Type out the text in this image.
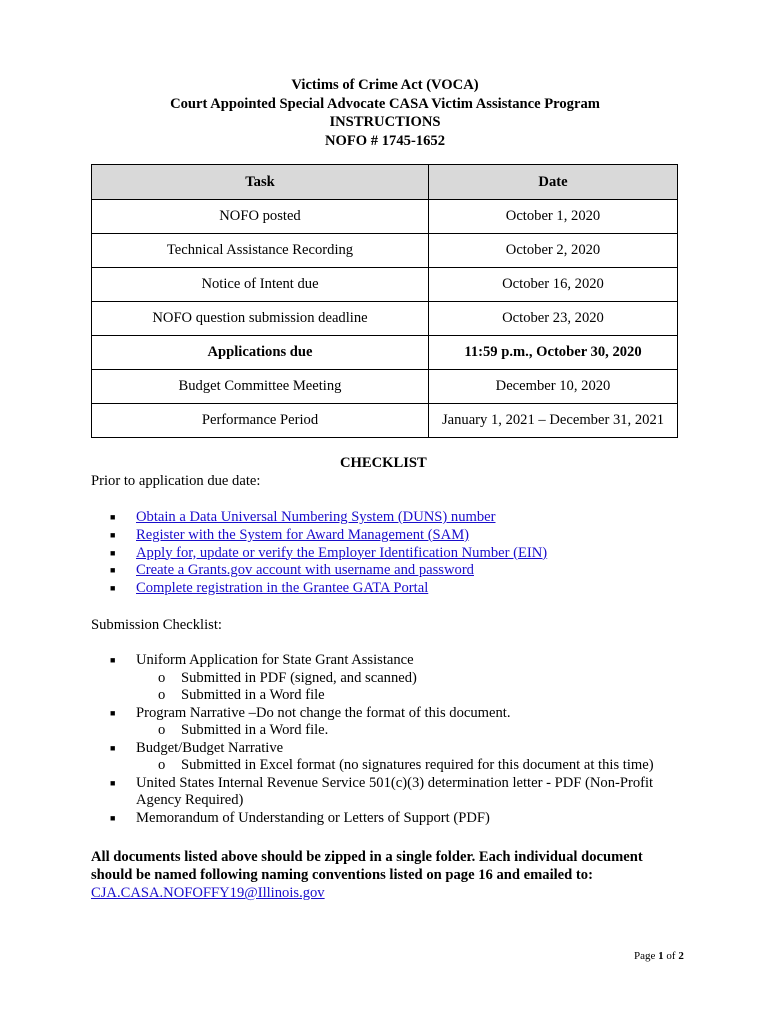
Victims of Crime Act (VOCA)
Court Appointed Special Advocate CASA Victim Assistance Program
INSTRUCTIONS
NOFO # 1745-1652
Task	Date
NOFO posted	October 1, 2020
Technical Assistance Recording	October 2, 2020
Notice of Intent due	October 16, 2020
NOFO question submission deadline	October 23, 2020
Applications due	11:59 p.m., October 30, 2020
Budget Committee Meeting	December 10, 2020
Performance Period	January 1, 2021 – December 31, 2021
CHECKLIST
Prior to application due date:
■ Obtain a Data Universal Numbering System (DUNS) number
■ Register with the System for Award Management (SAM)
■ Apply for, update or verify the Employer Identification Number (EIN)
■ Create a Grants.gov account with username and password
■ Complete registration in the Grantee GATA Portal
Submission Checklist:
■ Uniform Application for State Grant Assistance
o Submitted in PDF (signed, and scanned)
o Submitted in a Word file
■ Program Narrative –Do not change the format of this document.
o Submitted in a Word file.
■ Budget/Budget Narrative
o Submitted in Excel format (no signatures required for this document at this time)
■ United States Internal Revenue Service 501(c)(3) determination letter - PDF (Non-Profit Agency Required)
■ Memorandum of Understanding or Letters of Support (PDF)
All documents listed above should be zipped in a single folder. Each individual document should be named following naming conventions listed on page 16 and emailed to:
CJA.CASA.NOFOFFY19@Illinois.gov
Page 1 of 2
